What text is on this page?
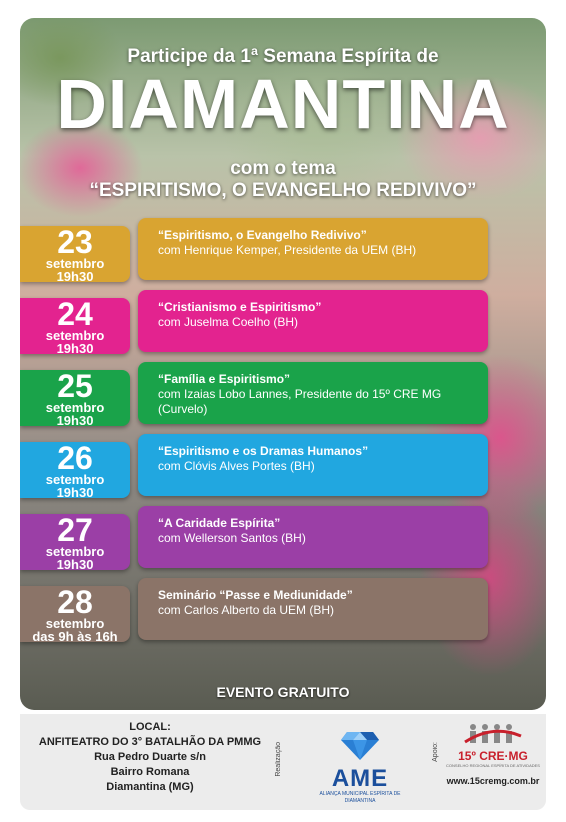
Participe da 1ª Semana Espírita de
DIAMANTINA
com o tema
“ESPIRITISMO, O EVANGELHO REDIVIVO”
23
setembro
19h30
“Espiritismo, o Evangelho Redivivo”
com Henrique Kemper, Presidente da UEM (BH)
24
setembro
19h30
“Cristianismo e Espiritismo”
com Juselma Coelho (BH)
25
setembro
19h30
“Família e Espiritismo”
com Izaias Lobo Lannes, Presidente do 15º CRE MG (Curvelo)
26
setembro
19h30
“Espiritismo e os Dramas Humanos”
com Clóvis Alves Portes (BH)
27
setembro
19h30
“A Caridade Espírita”
com Wellerson Santos (BH)
28
setembro
das 9h às 16h
Seminário “Passe e Mediunidade”
com Carlos Alberto da UEM (BH)
EVENTO GRATUITO
LOCAL:
ANFITEATRO DO 3° BATALHÃO DA PMMG
Rua Pedro Duarte s/n
Bairro Romana
Diamantina (MG)
Realização
AME
ALIANÇA MUNICIPAL ESPÍRITA DE DIAMANTINA
Apoio:	15º CRE·MG
CONSELHO REGIONAL ESPÍRITA DE ATIVIDADES
www.15cremg.com.br
